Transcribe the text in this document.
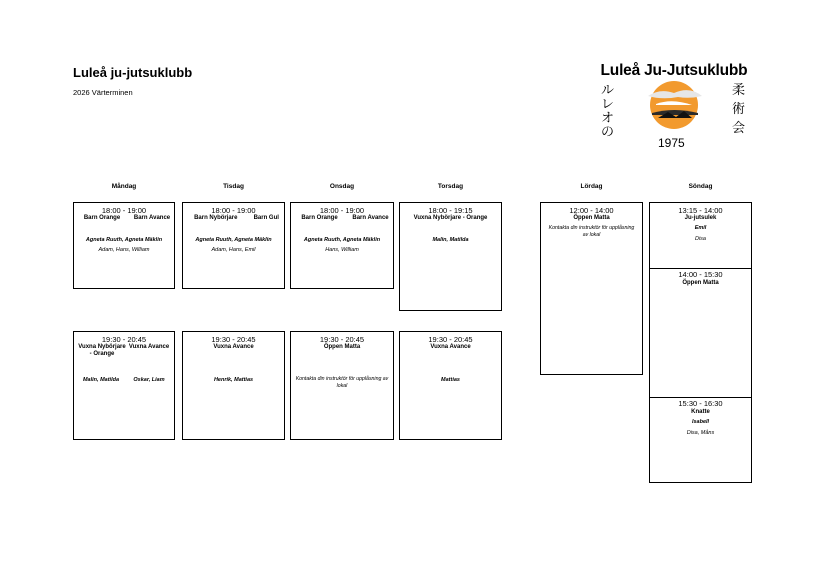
Luleå ju-jutsuklubb
2026 Värterminen
Luleå Ju-Jutsuklubb
ル
レ
オ
の
柔
術
会
1975
Måndag	Tisdag	Onsdag	Torsdag	Lördag	Söndag
18:00 - 19:00
Barn Orange Barn Avance
Agneta Ruuth, Agneta Mäklin
Adam, Hans, William
18:00 - 19:00
Barn Nybörjare	Barn Gul
Agneta Ruuth, Agneta Mäklin
Adam, Hans, Emil
18:00 - 19:00
Barn Orange Barn Avance
Agneta Ruuth, Agneta Mäklin
Hans, William
18:00 - 19:15
Vuxna Nybörjare - Orange
Malin, Matilda
12:00 - 14:00
Öppen Matta
Kontakta din instruktör för upplåsning av lokal
13:15 - 14:00
Ju-jutsulek
Emil
Disa
14:00 - 15:30
Öppen Matta
15:30 - 16:30
Knatte
Isabell
Disa, Måns
19:30 - 20:45
Vuxna Nybörjare - Orange
Vuxna Avance
Malin, Matilda	Oskar, Liam
19:30 - 20:45
Vuxna Avance
Henrik, Mattias
19:30 - 20:45
Öppen Matta
Kontakta din instruktör för upplåsning av lokal
19:30 - 20:45
Vuxna Avance
Mattias
